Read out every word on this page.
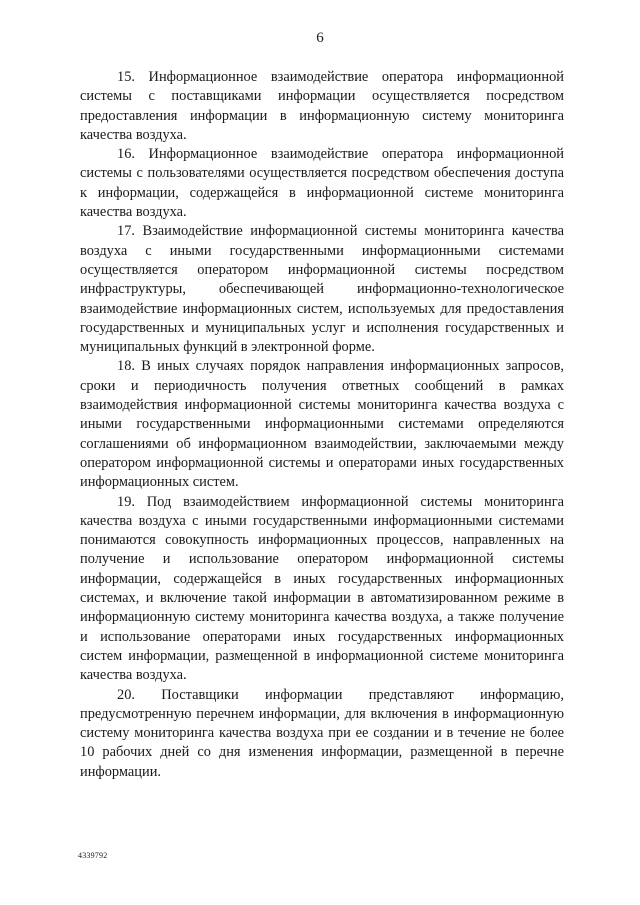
6

15. Информационное взаимодействие оператора информационной системы с поставщиками информации осуществляется посредством предоставления информации в информационную систему мониторинга качества воздуха.

16. Информационное взаимодействие оператора информационной системы с пользователями осуществляется посредством обеспечения доступа к информации, содержащейся в информационной системе мониторинга качества воздуха.

17. Взаимодействие информационной системы мониторинга качества воздуха с иными государственными информационными системами осуществляется оператором информационной системы посредством инфраструктуры, обеспечивающей информационно-технологическое взаимодействие информационных систем, используемых для предоставления государственных и муниципальных услуг и исполнения государственных и муниципальных функций в электронной форме.

18. В иных случаях порядок направления информационных запросов, сроки и периодичность получения ответных сообщений в рамках взаимодействия информационной системы мониторинга качества воздуха с иными государственными информационными системами определяются соглашениями об информационном взаимодействии, заключаемыми между оператором информационной системы и операторами иных государственных информационных систем.

19. Под взаимодействием информационной системы мониторинга качества воздуха с иными государственными информационными системами понимаются совокупность информационных процессов, направленных на получение и использование оператором информационной системы информации, содержащейся в иных государственных информационных системах, и включение такой информации в автоматизированном режиме в информационную систему мониторинга качества воздуха, а также получение и использование операторами иных государственных информационных систем информации, размещенной в информационной системе мониторинга качества воздуха.

20. Поставщики информации представляют информацию, предусмотренную перечнем информации, для включения в информационную систему мониторинга качества воздуха при ее создании и в течение не более 10 рабочих дней со дня изменения информации, размещенной в перечне информации.

4339792
